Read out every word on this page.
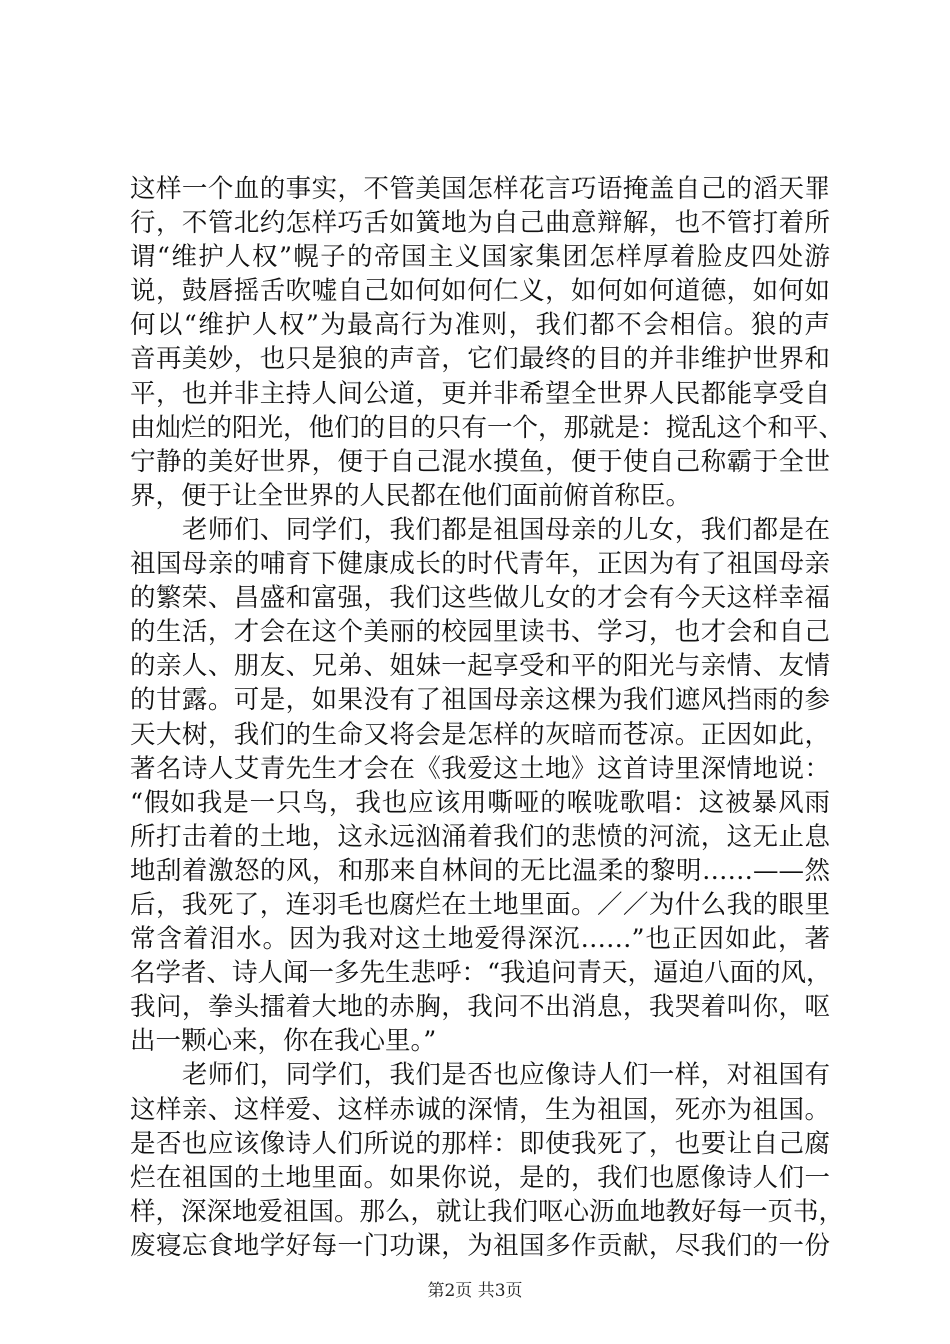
这样一个血的事实，不管美国怎样花言巧语掩盖自己的滔天罪
行，不管北约怎样巧舌如簧地为自己曲意辩解，也不管打着所
谓“维护人权”幌子的帝国主义国家集团怎样厚着脸皮四处游
说，鼓唇摇舌吹嘘自己如何如何仁义，如何如何道德，如何如
何以“维护人权”为最高行为准则，我们都不会相信。狼的声
音再美妙，也只是狼的声音，它们最终的目的并非维护世界和
平，也并非主持人间公道，更并非希望全世界人民都能享受自
由灿烂的阳光，他们的目的只有一个，那就是：搅乱这个和平、
宁静的美好世界，便于自己混水摸鱼，便于使自己称霸于全世
界，便于让全世界的人民都在他们面前俯首称臣。
老师们、同学们，我们都是祖国母亲的儿女，我们都是在
祖国母亲的哺育下健康成长的时代青年，正因为有了祖国母亲
的繁荣、昌盛和富强，我们这些做儿女的才会有今天这样幸福
的生活，才会在这个美丽的校园里读书、学习，也才会和自己
的亲人、朋友、兄弟、姐妹一起享受和平的阳光与亲情、友情
的甘露。可是，如果没有了祖国母亲这棵为我们遮风挡雨的参
天大树，我们的生命又将会是怎样的灰暗而苍凉。正因如此，
著名诗人艾青先生才会在《我爱这土地》这首诗里深情地说：
“假如我是一只鸟，我也应该用嘶哑的喉咙歌唱：这被暴风雨
所打击着的土地，这永远汹涌着我们的悲愤的河流，这无止息
地刮着激怒的风，和那来自林间的无比温柔的黎明……——然
后，我死了，连羽毛也腐烂在土地里面。／／为什么我的眼里
常含着泪水。因为我对这土地爱得深沉……”也正因如此，著
名学者、诗人闻一多先生悲呼：“我追问青天，逼迫八面的风，
我问，拳头擂着大地的赤胸，我问不出消息，我哭着叫你，呕
出一颗心来，你在我心里。”
老师们，同学们，我们是否也应像诗人们一样，对祖国有
这样亲、这样爱、这样赤诚的深情，生为祖国，死亦为祖国。
是否也应该像诗人们所说的那样：即使我死了，也要让自己腐
烂在祖国的土地里面。如果你说，是的，我们也愿像诗人们一
样，深深地爱祖国。那么，就让我们呕心沥血地教好每一页书，
废寝忘食地学好每一门功课，为祖国多作贡献，尽我们的一份
第2页 共3页
